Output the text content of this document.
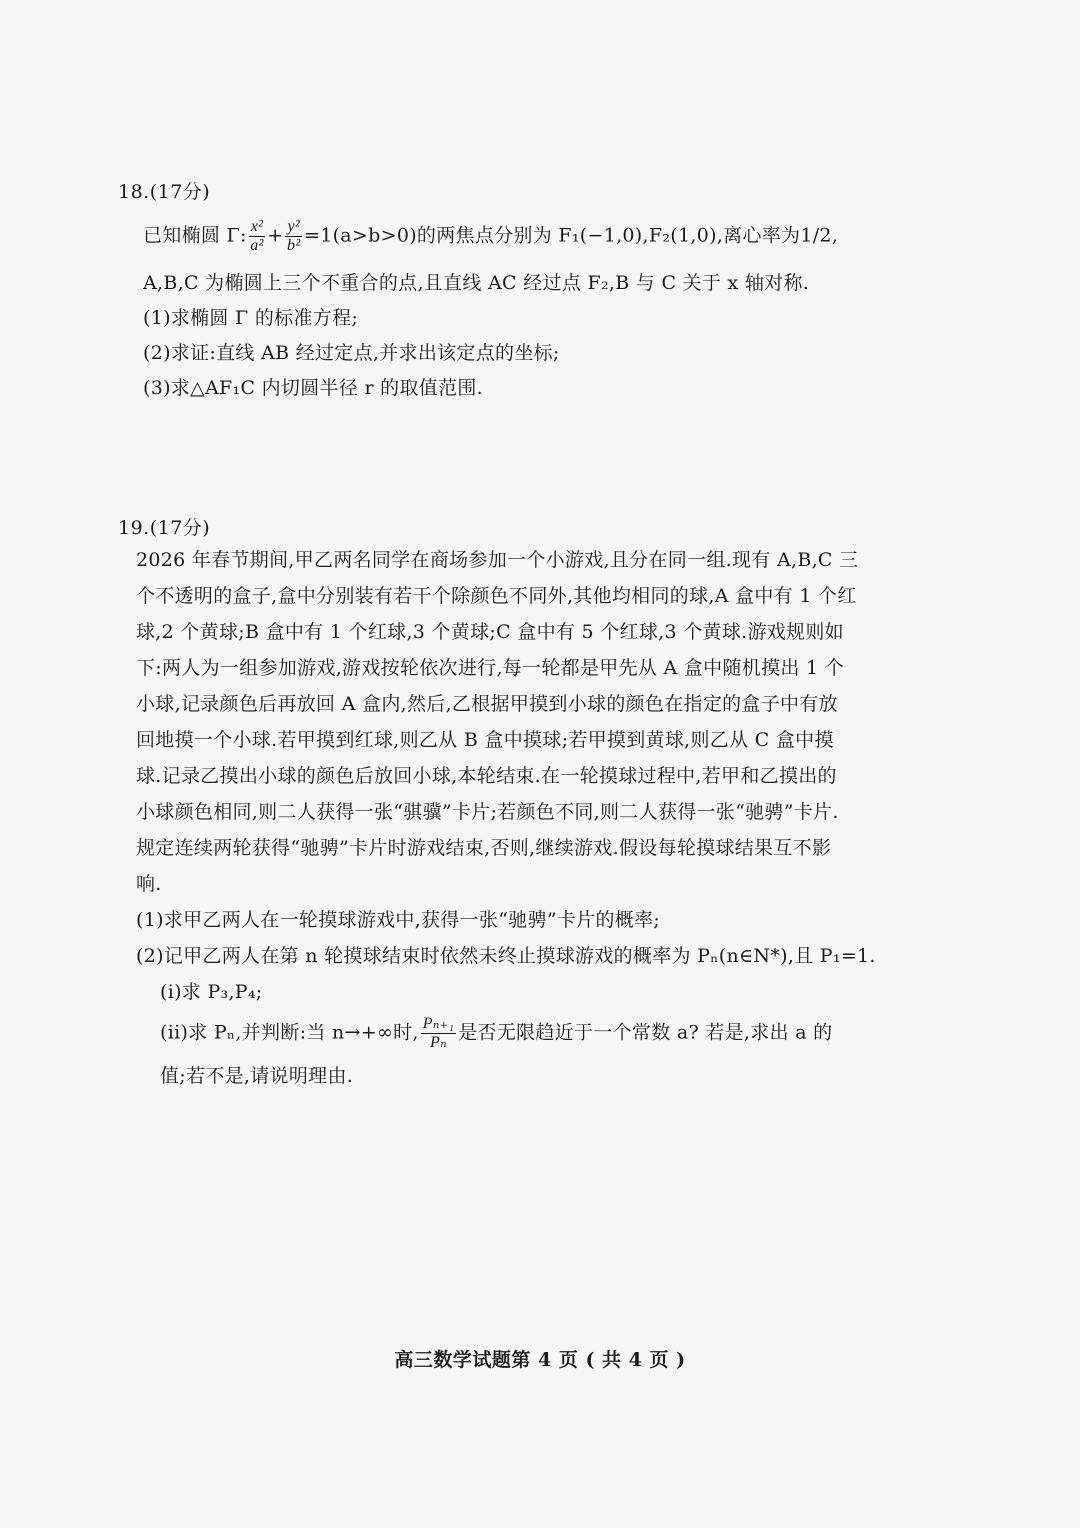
18.(17分)
已知椭圆 Γ: $\frac{\text{x²}}{\text{a²}} + \frac{\text{y²}}{\text{b²}} =1(a>b>0)$的两焦点分别为 F₁(−1,0),F₂(1,0),离心率为1/2,
A,B,C 为椭圆上三个不重合的点,且直线 AC 经过点 F₂,B 与 C 关于 x 轴对称.
(1)求椭圆 Γ 的标准方程;
(2)求证:直线 AB 经过定点,并求出该定点的坐标;
(3)求△AF₁C 内切圆半径 r 的取值范围.
19.(17分)
2026 年春节期间,甲乙两名同学在商场参加一个小游戏,且分在同一组.现有 A,B,C 三
个不透明的盒子,盒中分别装有若干个除颜色不同外,其他均相同的球,A 盒中有 1 个红
球,2 个黄球;B 盒中有 1 个红球,3 个黄球;C 盒中有 5 个红球,3 个黄球.游戏规则如
下:两人为一组参加游戏,游戏按轮依次进行,每一轮都是甲先从 A 盒中随机摸出 1 个
小球,记录颜色后再放回 A 盒内,然后,乙根据甲摸到小球的颜色在指定的盒子中有放
回地摸一个小球.若甲摸到红球,则乙从 B 盒中摸球;若甲摸到黄球,则乙从 C 盒中摸
球.记录乙摸出小球的颜色后放回小球,本轮结束.在一轮摸球过程中,若甲和乙摸出的
小球颜色相同,则二人获得一张“骐骥”卡片;若颜色不同,则二人获得一张“驰骋”卡片.
规定连续两轮获得“驰骋”卡片时游戏结束,否则,继续游戏.假设每轮摸球结果互不影
响.
(1)求甲乙两人在一轮摸球游戏中,获得一张“驰骋”卡片的概率;
(2)记甲乙两人在第 n 轮摸球结束时依然未终止摸球游戏的概率为 Pₙ(n∈N*),且 P₁=1.
(i)求 P₃,P₄;
(ii)求 Pₙ,并判断:当 n→+∞时, $\frac{\text{Pₙ₊₁}}{\text{Pₙ}}$ 是否无限趋近于一个常数 a? 若是,求出 a 的
值;若不是,请说明理由.
高三数学试题第 4 页 ( 共 4 页 )
